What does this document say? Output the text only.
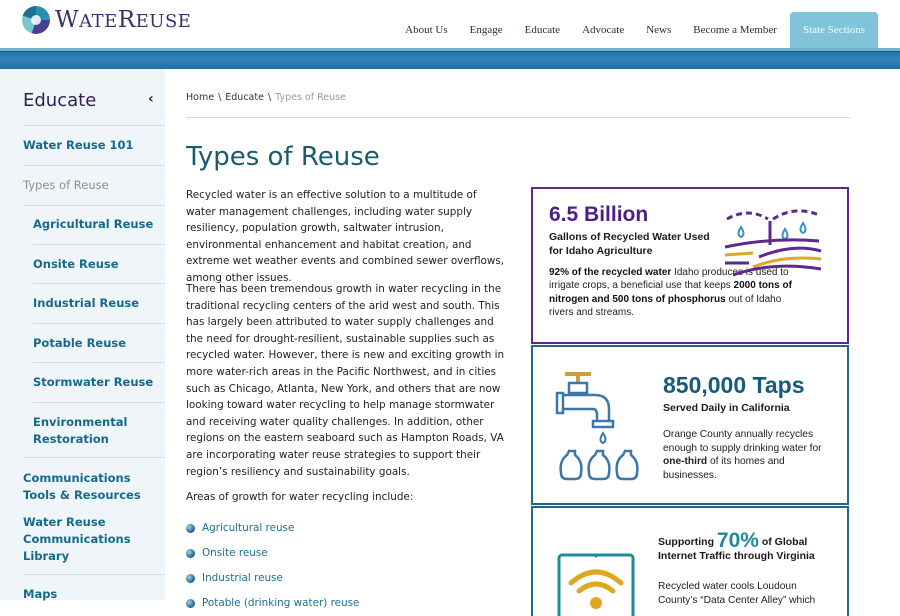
WATEREUSE	About Us	Engage	Educate	Advocate	News	Become a Member	State Sections
Educate	‹
Water Reuse 101
Types of Reuse
Agricultural Reuse
Onsite Reuse
Industrial Reuse
Potable Reuse
Stormwater Reuse
Environmental Restoration
Communications Tools & Resources
Water Reuse Communications Library
Maps
Home \ Educate \ Types of Reuse
Types of Reuse

Recycled water is an effective solution to a multitude of water management challenges, including water supply resiliency, population growth, saltwater intrusion, environmental enhancement and habitat creation, and extreme wet weather events and combined sewer overflows, among other issues.

There has been tremendous growth in water recycling in the traditional recycling centers of the arid west and south. This has largely been attributed to water supply challenges and the need for drought-resilient, sustainable supplies such as recycled water. However, there is new and exciting growth in more water-rich areas in the Pacific Northwest, and in cities such as Chicago, Atlanta, New York, and others that are now looking toward water recycling to help manage stormwater and receiving water quality challenges. In addition, other regions on the eastern seaboard such as Hampton Roads, VA are incorporating water reuse strategies to support their region’s resiliency and sustainability goals.

Areas of growth for water recycling include:

Agricultural reuse
Onsite reuse
Industrial reuse
Potable (drinking water) reuse
6.5 Billion
Gallons of Recycled Water Used for Idaho Agriculture
92% of the recycled water Idaho produces is used to irrigate crops, a beneficial use that keeps 2000 tons of nitrogen and 500 tons of phosphorus out of Idaho rivers and streams.
850,000 Taps
Served Daily in California
Orange County annually recycles enough to supply drinking water for one-third of its homes and businesses.
Supporting 70% of Global Internet Traffic through Virginia
Recycled water cools Loudoun County’s “Data Center Alley” which
